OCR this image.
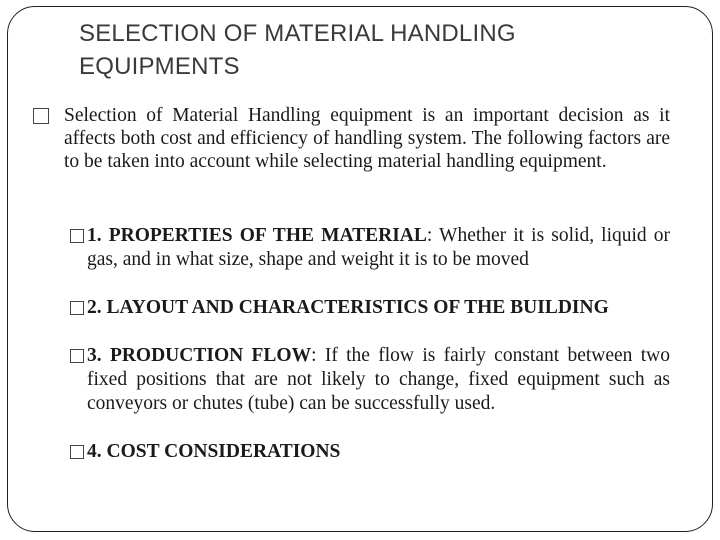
SELECTION OF MATERIAL HANDLING EQUIPMENTS
Selection of Material Handling equipment is an important decision as it affects both cost and efficiency of handling system. The following factors are to be taken into account while selecting material handling equipment.
1. PROPERTIES OF THE MATERIAL: Whether it is solid, liquid or gas, and in what size, shape and weight it is to be moved
2. LAYOUT AND CHARACTERISTICS OF THE BUILDING
3. PRODUCTION FLOW: If the flow is fairly constant between two fixed positions that are not likely to change, fixed equipment such as conveyors or chutes (tube) can be successfully used.
4. COST CONSIDERATIONS
